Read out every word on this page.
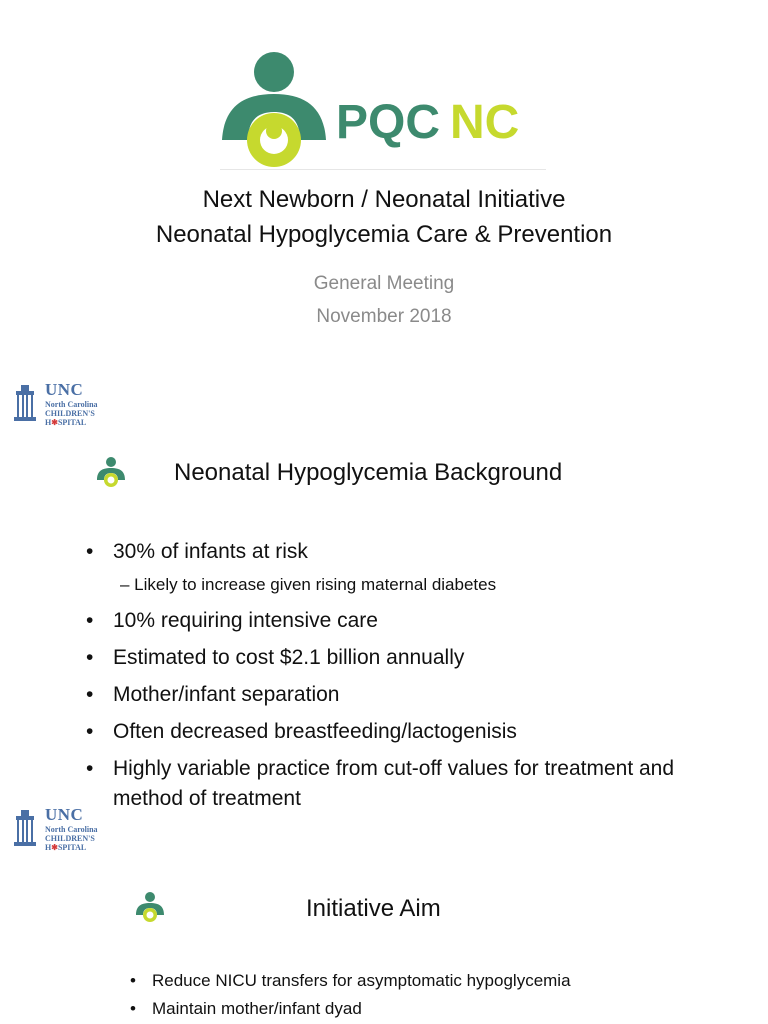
PQC NC
Next Newborn / Neonatal Initiative
Neonatal Hypoglycemia Care & Prevention
General Meeting
November 2018
UNC
North Carolina
CHILDREN'S
H✱SPITAL
Neonatal Hypoglycemia Background
• 30% of infants at risk
– Likely to increase given rising maternal diabetes
• 10% requiring intensive care
• Estimated to cost $2.1 billion annually
• Mother/infant separation
• Often decreased breastfeeding/lactogenisis
• Highly variable practice from cut-off values for treatment and method of treatment
UNC
North Carolina
CHILDREN'S
H✱SPITAL
Initiative Aim
• Reduce NICU transfers for asymptomatic hypoglycemia
• Maintain mother/infant dyad
